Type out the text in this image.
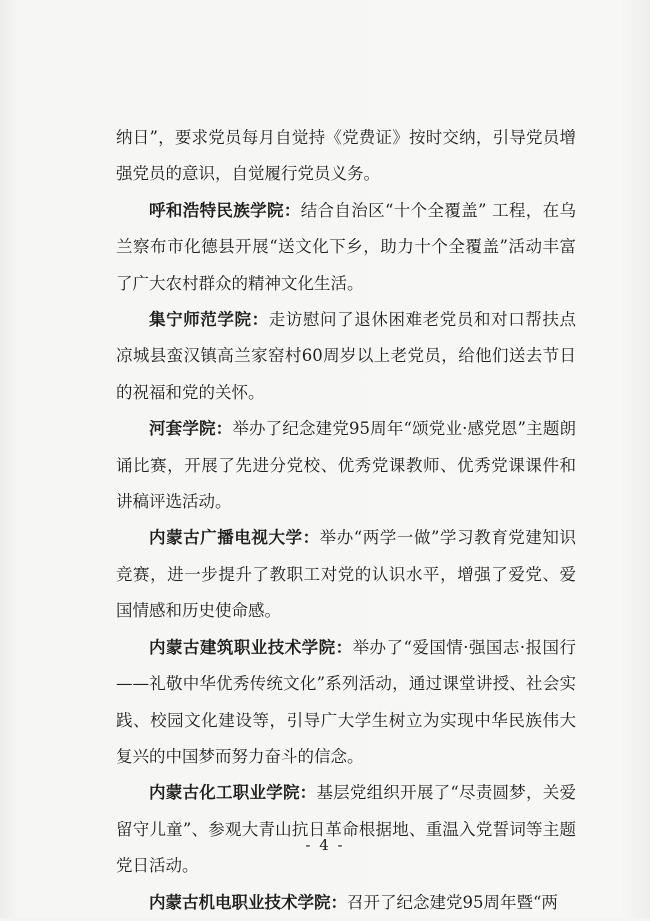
纳日”，要求党员每月自觉持《党费证》按时交纳，引导党员增强党员的意识，自觉履行党员义务。

呼和浩特民族学院：结合自治区“十个全覆盖” 工程，在乌兰察布市化德县开展“送文化下乡，助力十个全覆盖”活动丰富了广大农村群众的精神文化生活。

集宁师范学院：走访慰问了退休困难老党员和对口帮扶点凉城县蛮汉镇高兰家窑村60周岁以上老党员，给他们送去节日的祝福和党的关怀。

河套学院：举办了纪念建党95周年“颂党业·感党恩”主题朗诵比赛，开展了先进分党校、优秀党课教师、优秀党课课件和讲稿评选活动。

内蒙古广播电视大学：举办“两学一做”学习教育党建知识竞赛，进一步提升了教职工对党的认识水平，增强了爱党、爱国情感和历史使命感。

内蒙古建筑职业技术学院：举办了“爱国情·强国志·报国行——礼敬中华优秀传统文化”系列活动，通过课堂讲授、社会实践、校园文化建设等，引导广大学生树立为实现中华民族伟大复兴的中国梦而努力奋斗的信念。

内蒙古化工职业学院：基层党组织开展了“尽责圆梦，关爱留守儿童”、参观大青山抗日革命根据地、重温入党誓词等主题党日活动。

内蒙古机电职业技术学院：召开了纪念建党95周年暨“两

- 4 -
